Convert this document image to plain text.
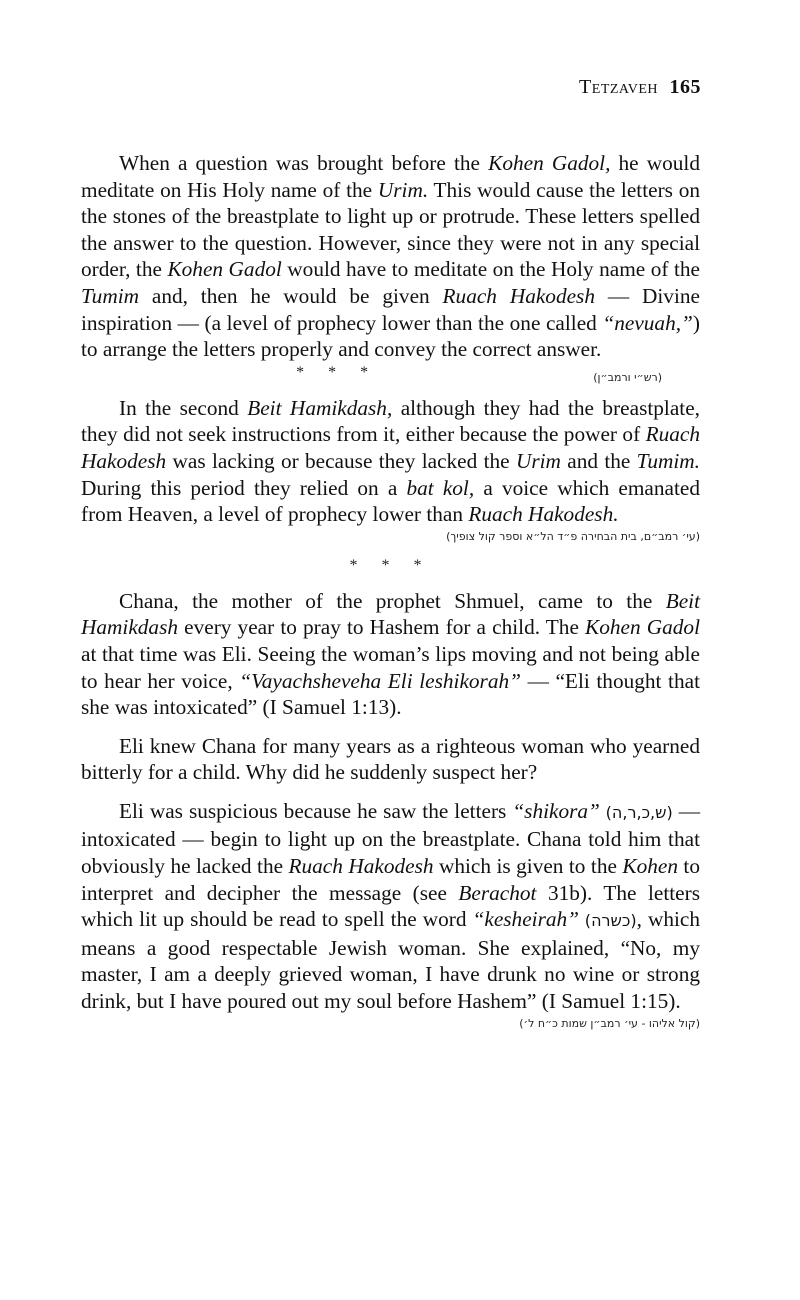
Tetzaveh 165

When a question was brought before the Kohen Gadol, he would meditate on His Holy name of the Urim. This would cause the letters on the stones of the breastplate to light up or protrude. These letters spelled the answer to the question. However, since they were not in any special order, the Kohen Gadol would have to meditate on the Holy name of the Tumim and, then he would be given Ruach Hakodesh — Divine inspiration — (a level of prophecy lower than the one called “nevuah,”) to arrange the letters properly and convey the correct answer.
(רש״י ורמב״ן)

* * *

In the second Beit Hamikdash, although they had the breastplate, they did not seek instructions from it, either because the power of Ruach Hakodesh was lacking or because they lacked the Urim and the Tumim. During this period they relied on a bat kol, a voice which emanated from Heaven, a level of prophecy lower than Ruach Hakodesh.

(עי׳ רמב״ם, בית הבחירה פ״ד הל״א וספר קול צופיך)
* * *

Chana, the mother of the prophet Shmuel, came to the Beit Hamikdash every year to pray to Hashem for a child. The Kohen Gadol at that time was Eli. Seeing the woman’s lips moving and not being able to hear her voice, “Vayachsheveha Eli leshikorah” — “Eli thought that she was intoxicated” (I Samuel 1:13).

Eli knew Chana for many years as a righteous woman who yearned bitterly for a child. Why did he suddenly suspect her?

Eli was suspicious because he saw the letters “shikora” (ש,כ,ר,ה) — intoxicated — begin to light up on the breastplate. Chana told him that obviously he lacked the Ruach Hakodesh which is given to the Kohen to interpret and decipher the message (see Berachot 31b). The letters which lit up should be read to spell the word “kesheirah” (כשרה), which means a good respectable Jewish woman. She explained, “No, my master, I am a deeply grieved woman, I have drunk no wine or strong drink, but I have poured out my soul before Hashem” (I Samuel 1:15).

(קול אליהו - עי׳ רמב״ן שמות כ״ח ל׳)
